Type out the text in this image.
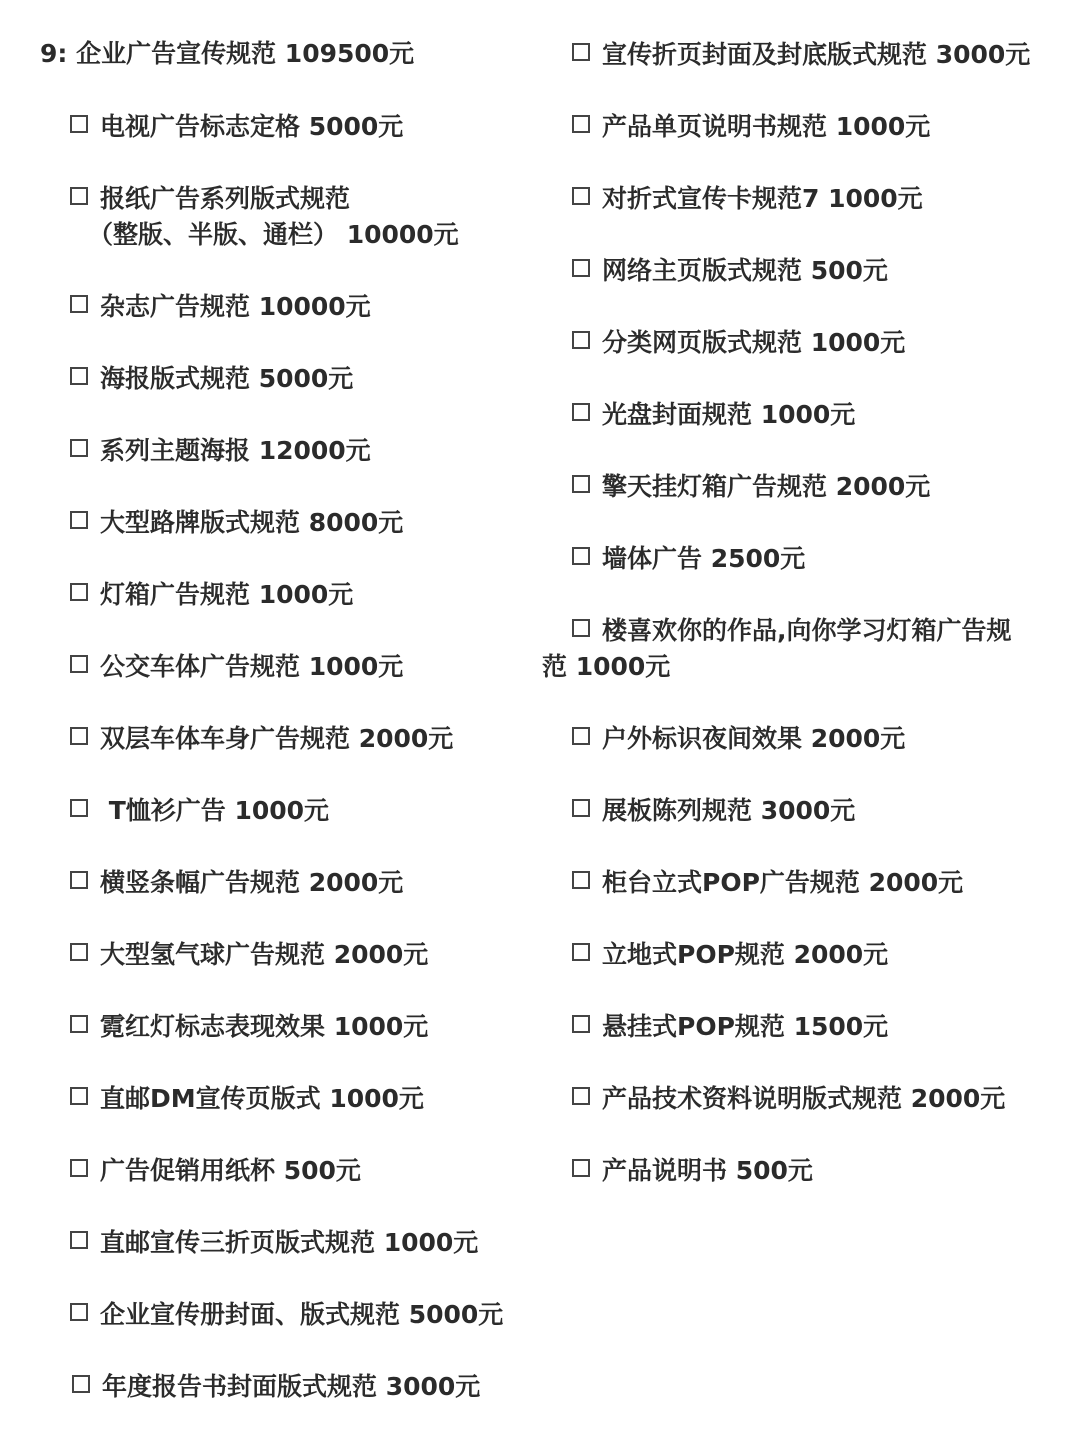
9: 企业广告宣传规范 109500元
电视广告标志定格 5000元
报纸广告系列版式规范
（整版、半版、通栏） 10000元
杂志广告规范 10000元
海报版式规范 5000元
系列主题海报 12000元
大型路牌版式规范 8000元
灯箱广告规范 1000元
公交车体广告规范 1000元
双层车体车身广告规范 2000元
T恤衫广告 1000元
横竖条幅广告规范 2000元
大型氢气球广告规范 2000元
霓红灯标志表现效果 1000元
直邮DM宣传页版式 1000元
广告促销用纸杯 500元
直邮宣传三折页版式规范 1000元
企业宣传册封面、版式规范 5000元
年度报告书封面版式规范 3000元
宣传折页封面及封底版式规范 3000元
产品单页说明书规范 1000元
对折式宣传卡规范7 1000元
网络主页版式规范 500元
分类网页版式规范 1000元
光盘封面规范 1000元
擎天挂灯箱广告规范 2000元
墙体广告 2500元
楼喜欢你的作品,向你学习灯箱广告规
范 1000元
户外标识夜间效果 2000元
展板陈列规范 3000元
柜台立式POP广告规范 2000元
立地式POP规范 2000元
悬挂式POP规范 1500元
产品技术资料说明版式规范 2000元
产品说明书 500元
